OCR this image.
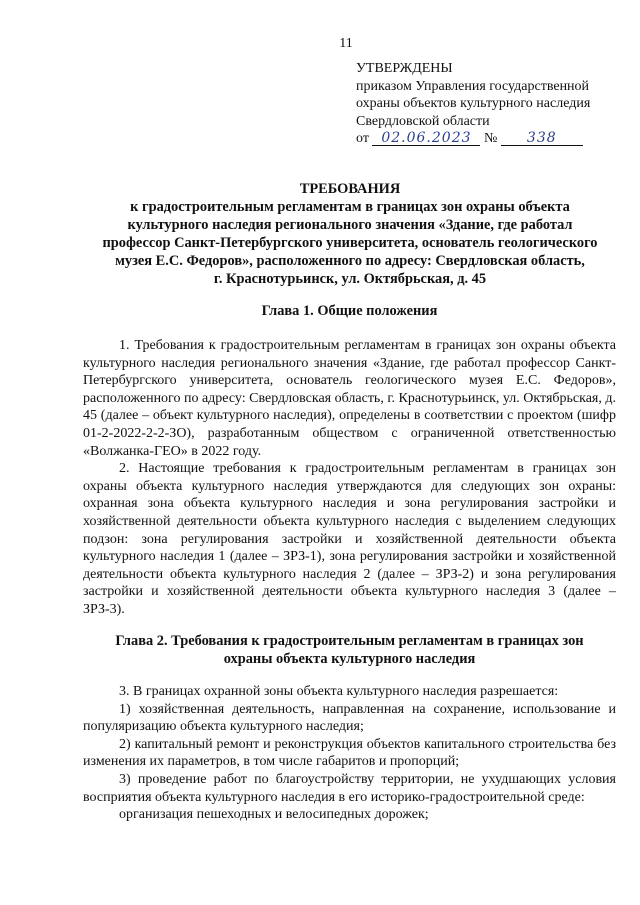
11
УТВЕРЖДЕНЫ
приказом Управления государственной
охраны объектов культурного наследия
Свердловской области
от 02.06.2023 № 338
ТРЕБОВАНИЯ
к градостроительным регламентам в границах зон охраны объекта
культурного наследия регионального значения «Здание, где работал
профессор Санкт-Петербургского университета, основатель геологического
музея Е.С. Федоров», расположенного по адресу: Свердловская область,
г. Краснотурьинск, ул. Октябрьская, д. 45
Глава 1. Общие положения

1. Требования к градостроительным регламентам в границах зон охраны объекта культурного наследия регионального значения «Здание, где работал профессор Санкт-Петербургского университета, основатель геологического музея Е.С. Федоров», расположенного по адресу: Свердловская область, г. Краснотурьинск, ул. Октябрьская, д. 45 (далее – объект культурного наследия), определены в соответствии с проектом (шифр 01-2-2022-2-2-ЗО), разработанным обществом с ограниченной ответственностью «Волжанка-ГЕО» в 2022 году.

2. Настоящие требования к градостроительным регламентам в границах зон охраны объекта культурного наследия утверждаются для следующих зон охраны: охранная зона объекта культурного наследия и зона регулирования застройки и хозяйственной деятельности объекта культурного наследия с выделением следующих подзон: зона регулирования застройки и хозяйственной деятельности объекта культурного наследия 1 (далее – ЗРЗ-1), зона регулирования застройки и хозяйственной деятельности объекта культурного наследия 2 (далее – ЗРЗ-2) и зона регулирования застройки и хозяйственной деятельности объекта культурного наследия 3 (далее – ЗРЗ-3).

Глава 2. Требования к градостроительным регламентам в границах зон
охраны объекта культурного наследия

3. В границах охранной зоны объекта культурного наследия разрешается:

1) хозяйственная деятельность, направленная на сохранение, использование и популяризацию объекта культурного наследия;

2) капитальный ремонт и реконструкция объектов капитального строительства без изменения их параметров, в том числе габаритов и пропорций;

3) проведение работ по благоустройству территории, не ухудшающих условия восприятия объекта культурного наследия в его историко-градостроительной среде:

организация пешеходных и велосипедных дорожек;
